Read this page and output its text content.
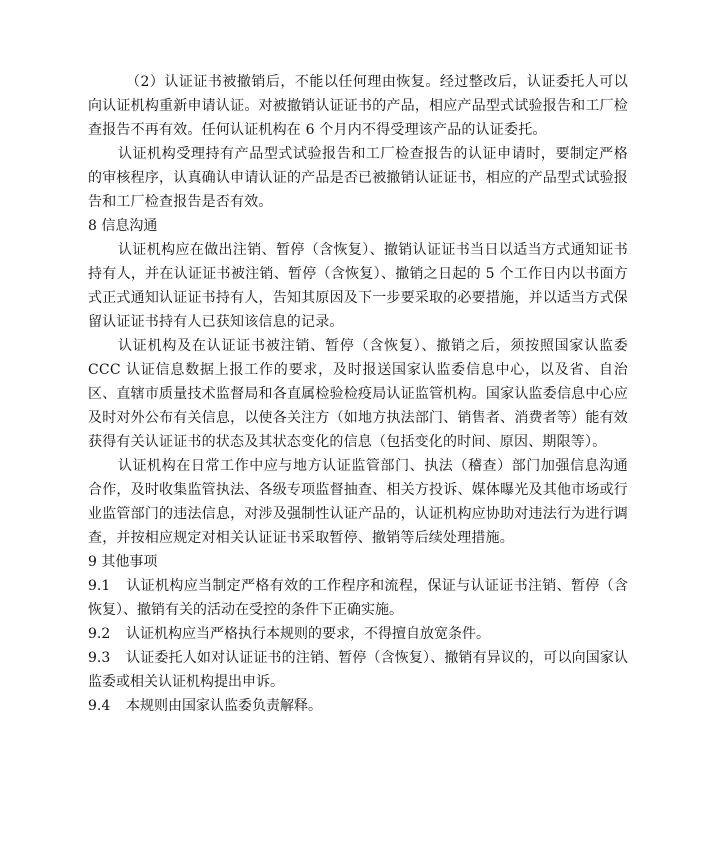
（2）认证证书被撤销后，不能以任何理由恢复。经过整改后，认证委托人可以向认证机构重新申请认证。对被撤销认证证书的产品，相应产品型式试验报告和工厂检查报告不再有效。任何认证机构在 6 个月内不得受理该产品的认证委托。

认证机构受理持有产品型式试验报告和工厂检查报告的认证申请时，要制定严格的审核程序，认真确认申请认证的产品是否已被撤销认证证书，相应的产品型式试验报告和工厂检查报告是否有效。

8 信息沟通

认证机构应在做出注销、暂停（含恢复）、撤销认证证书当日以适当方式通知证书持有人，并在认证证书被注销、暂停（含恢复）、撤销之日起的 5 个工作日内以书面方式正式通知认证证书持有人，告知其原因及下一步要采取的必要措施，并以适当方式保留认证证书持有人已获知该信息的记录。

认证机构及在认证证书被注销、暂停（含恢复）、撤销之后，须按照国家认监委 CCC 认证信息数据上报工作的要求，及时报送国家认监委信息中心，以及省、自治区、直辖市质量技术监督局和各直属检验检疫局认证监管机构。国家认监委信息中心应及时对外公布有关信息，以使各关注方（如地方执法部门、销售者、消费者等）能有效获得有关认证证书的状态及其状态变化的信息（包括变化的时间、原因、期限等）。

认证机构在日常工作中应与地方认证监管部门、执法（稽查）部门加强信息沟通合作，及时收集监管执法、各级专项监督抽查、相关方投诉、媒体曝光及其他市场或行业监管部门的违法信息，对涉及强制性认证产品的，认证机构应协助对违法行为进行调查，并按相应规定对相关认证证书采取暂停、撤销等后续处理措施。

9 其他事项

9.1 认证机构应当制定严格有效的工作程序和流程，保证与认证证书注销、暂停（含恢复）、撤销有关的活动在受控的条件下正确实施。

9.2 认证机构应当严格执行本规则的要求，不得擅自放宽条件。

9.3 认证委托人如对认证证书的注销、暂停（含恢复）、撤销有异议的，可以向国家认监委或相关认证机构提出申诉。

9.4 本规则由国家认监委负责解释。
